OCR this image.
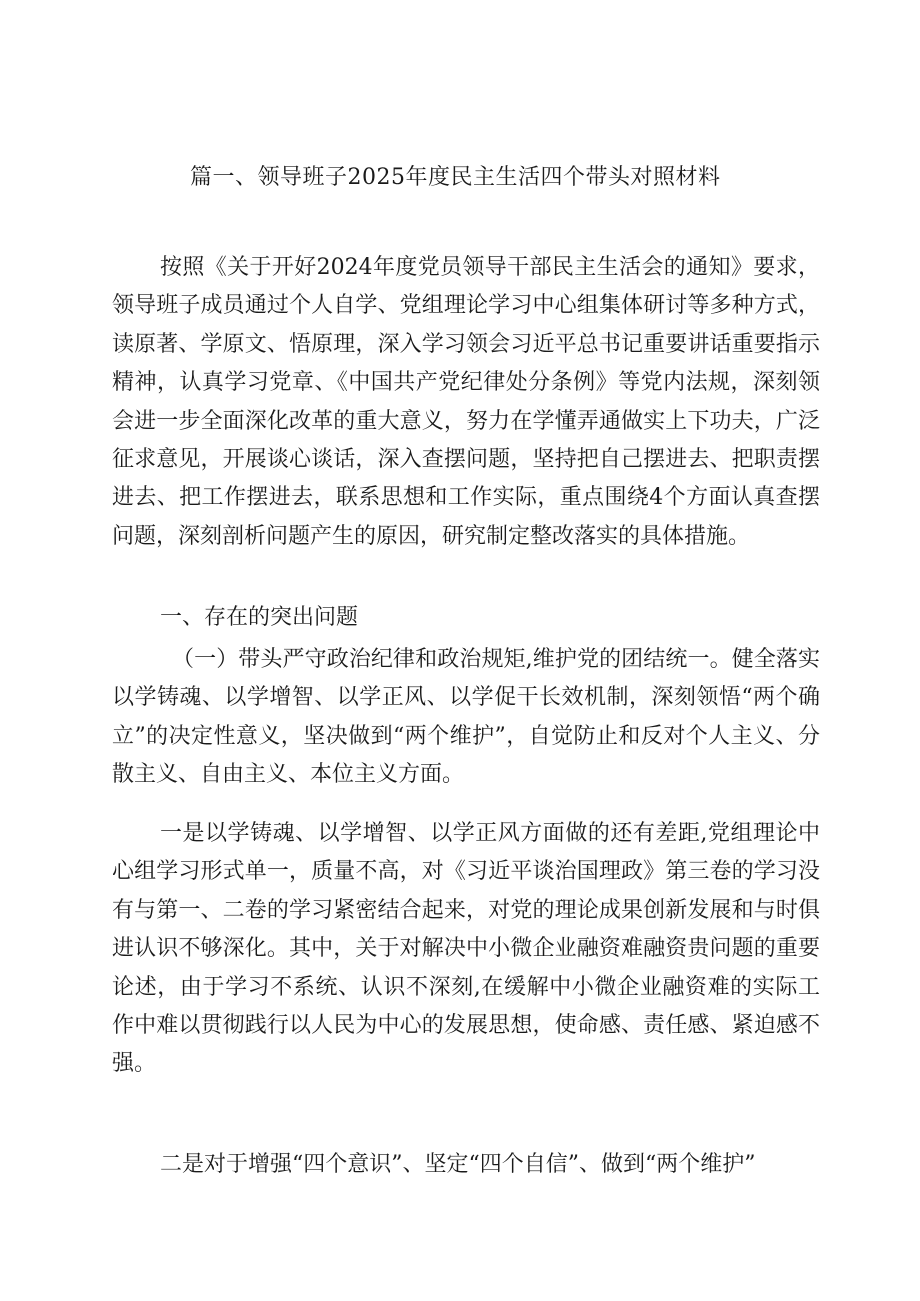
篇一、领导班子2025年度民主生活四个带头对照材料
按照《关于开好2024年度党员领导干部民主生活会的通知》要求，领导班子成员通过个人自学、党组理论学习中心组集体研讨等多种方式，读原著、学原文、悟原理，深入学习领会习近平总书记重要讲话重要指示精神，认真学习党章、《中国共产党纪律处分条例》等党内法规，深刻领会进一步全面深化改革的重大意义，努力在学懂弄通做实上下功夫，广泛征求意见，开展谈心谈话，深入查摆问题，坚持把自己摆进去、把职责摆进去、把工作摆进去，联系思想和工作实际，重点围绕4个方面认真查摆问题，深刻剖析问题产生的原因，研究制定整改落实的具体措施。
一、存在的突出问题
（一）带头严守政治纪律和政治规矩,维护党的团结统一。健全落实以学铸魂、以学增智、以学正风、以学促干长效机制，深刻领悟“两个确立”的决定性意义，坚决做到“两个维护”，自觉防止和反对个人主义、分散主义、自由主义、本位主义方面。
一是以学铸魂、以学增智、以学正风方面做的还有差距,党组理论中心组学习形式单一，质量不高，对《习近平谈治国理政》第三卷的学习没有与第一、二卷的学习紧密结合起来，对党的理论成果创新发展和与时俱进认识不够深化。其中，关于对解决中小微企业融资难融资贵问题的重要论述，由于学习不系统、认识不深刻,在缓解中小微企业融资难的实际工作中难以贯彻践行以人民为中心的发展思想，使命感、责任感、紧迫感不强。
二是对于增强“四个意识”、坚定“四个自信”、做到“两个维护”
